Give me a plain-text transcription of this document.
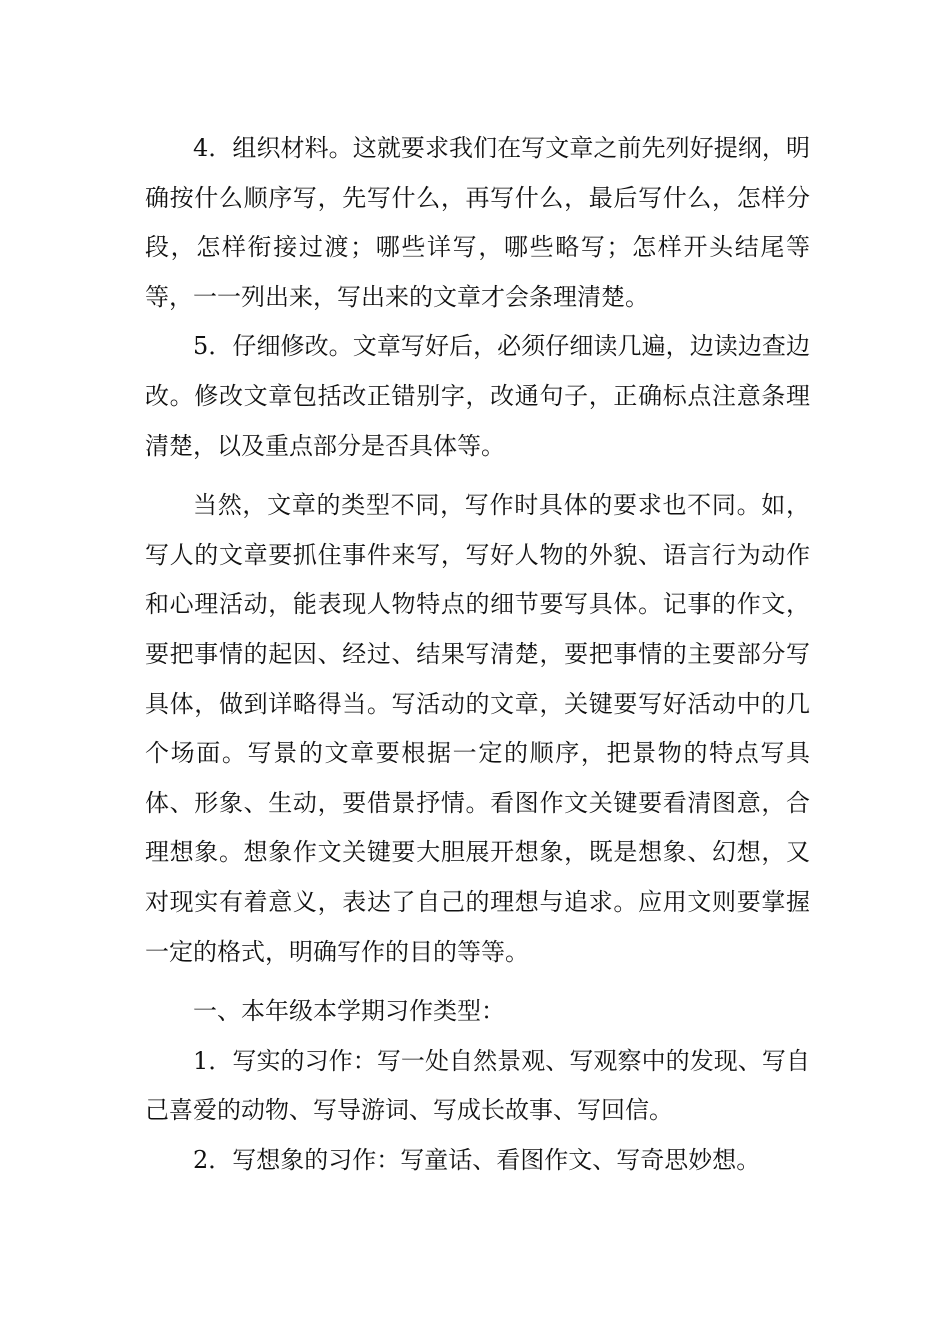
4．组织材料。这就要求我们在写文章之前先列好提纲，明确按什么顺序写，先写什么，再写什么，最后写什么，怎样分段，怎样衔接过渡；哪些详写，哪些略写；怎样开头结尾等等，一一列出来，写出来的文章才会条理清楚。

5．仔细修改。文章写好后，必须仔细读几遍，边读边查边改。修改文章包括改正错别字，改通句子，正确标点注意条理清楚，以及重点部分是否具体等。

当然，文章的类型不同，写作时具体的要求也不同。如，写人的文章要抓住事件来写，写好人物的外貌、语言行为动作和心理活动，能表现人物特点的细节要写具体。记事的作文，要把事情的起因、经过、结果写清楚，要把事情的主要部分写具体，做到详略得当。写活动的文章，关键要写好活动中的几个场面。写景的文章要根据一定的顺序，把景物的特点写具体、形象、生动，要借景抒情。看图作文关键要看清图意，合理想象。想象作文关键要大胆展开想象，既是想象、幻想，又对现实有着意义，表达了自己的理想与追求。应用文则要掌握一定的格式，明确写作的目的等等。

一、本年级本学期习作类型：

1．写实的习作：写一处自然景观、写观察中的发现、写自己喜爱的动物、写导游词、写成长故事、写回信。

2．写想象的习作：写童话、看图作文、写奇思妙想。
